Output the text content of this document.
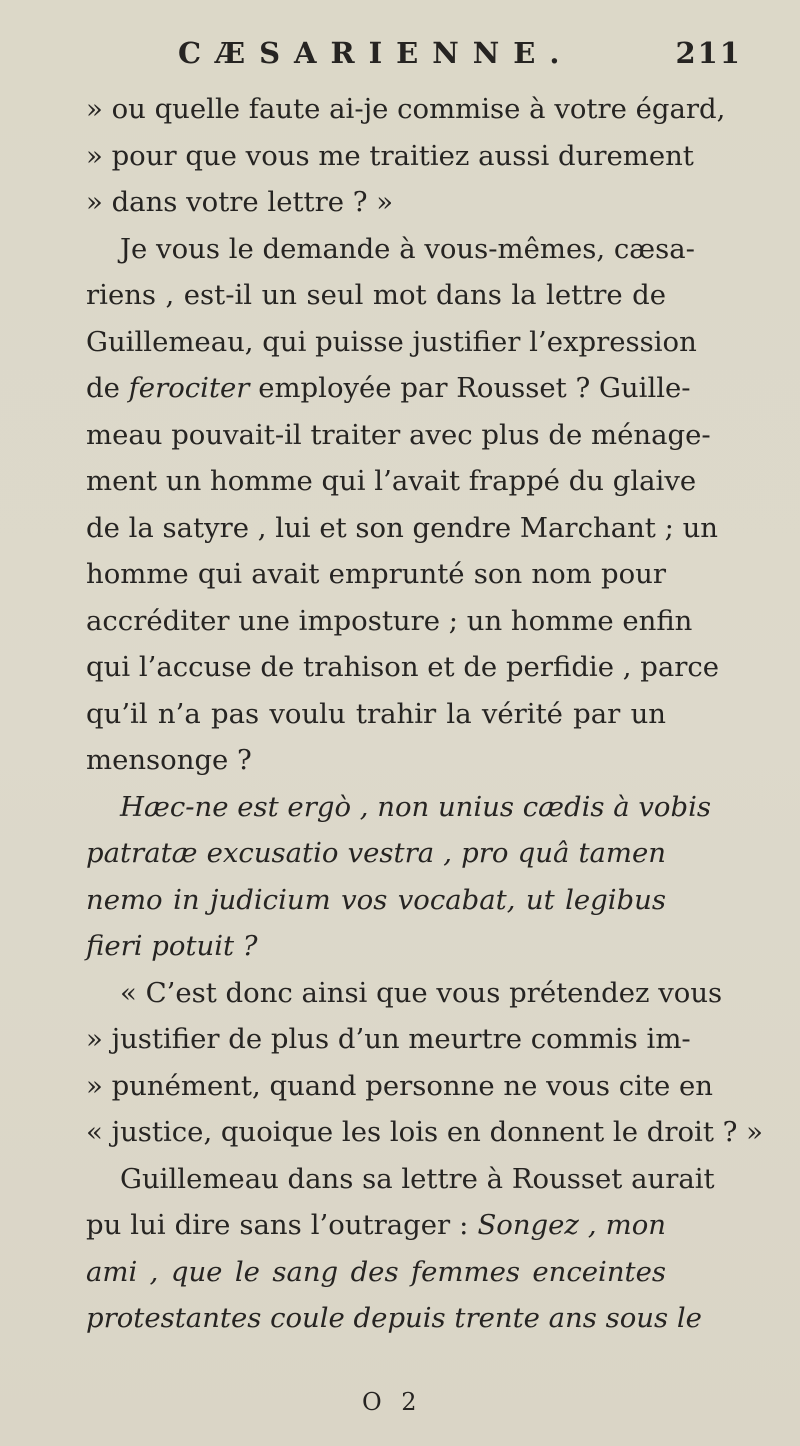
CÆSARIENNE.	211
» ou quelle faute ai-je commise à votre égard,
» pour que vous me traitiez aussi durement
» dans votre lettre ? »
Je vous le demande à vous-mêmes, cæsa-
riens , est-il un seul mot dans la lettre de
Guillemeau, qui puisse justifier l’expression
de ferociter employée par Rousset ? Guille-
meau pouvait-il traiter avec plus de ménage-
ment un homme qui l’avait frappé du glaive
de la satyre , lui et son gendre Marchant ; un
homme qui avait emprunté son nom pour
accréditer une imposture ; un homme enfin
qui l’accuse de trahison et de perfidie , parce
qu’il n’a pas voulu trahir la vérité par un
mensonge ?
Hæc-ne est ergò , non unius cædis à vobis
patratæ excusatio vestra , pro quâ tamen
nemo in judicium vos vocabat, ut legibus
fieri potuit ?
« C’est donc ainsi que vous prétendez vous
» justifier de plus d’un meurtre commis im-
» punément, quand personne ne vous cite en
« justice, quoique les lois en donnent le droit ? »
Guillemeau dans sa lettre à Rousset aurait
pu lui dire sans l’outrager : Songez , mon
ami , que le sang des femmes enceintes
protestantes coule depuis trente ans sous le
O 2
